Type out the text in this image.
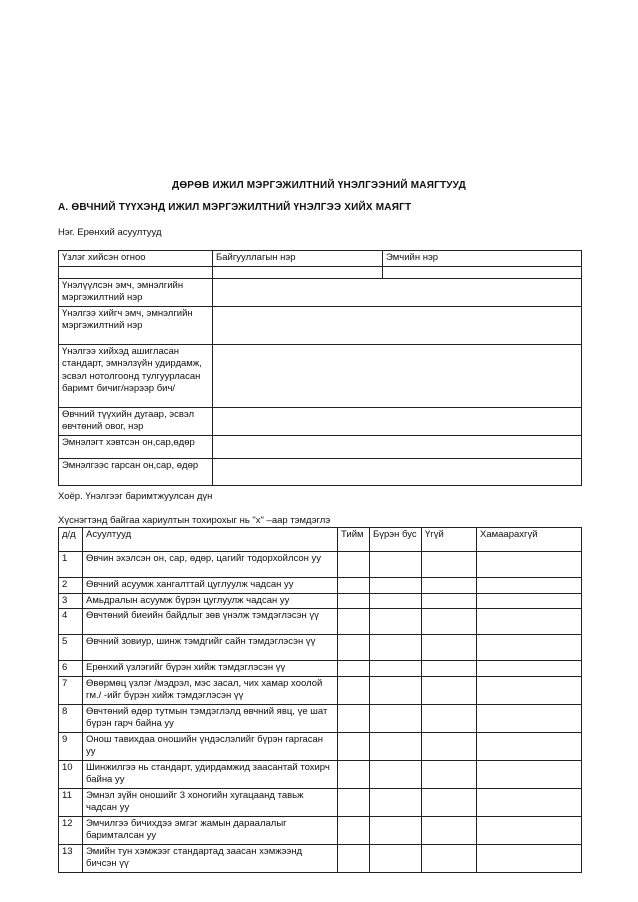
ДӨРӨВ ИЖИЛ МЭРГЭЖИЛТНИЙ ҮНЭЛГЭЭНИЙ МАЯГТУУД
А. ӨВЧНИЙ ТҮҮХЭНД ИЖИЛ МЭРГЭЖИЛТНИЙ ҮНЭЛГЭЭ ХИЙХ МАЯГТ
Нэг. Ерөнхий асуултууд
Үзлэг хийсэн огноо	Байгууллагын нэр	Эмчийн нэр

Үнэлүүлсэн эмч, эмнэлгийн мэргэжилтний нэр		
Үнэлгээ хийгч эмч, эмнэлгийн мэргэжилтний нэр		
Үнэлгээ хийхэд ашигласан стандарт, эмнэлзүйн удирдамж, эсвэл нотолгоонд тулгуурласан баримт бичиг/нэрээр бич/		
Өвчний түүхийн дугаар, эсвэл өвчтөний овог, нэр		
Эмнэлэгт хэвтсэн он,сар,өдөр		
Эмнэлгээс гарсан он,сар, өдөр		
Хоёр. Үнэлгээг баримтжуулсан дүн
Хүснэгтэнд байгаа хариултын тохирохыг нь "х" –аар тэмдэглэ
д/д	Асуултууд	Тийм	Бүрэн бус	Үгүй	Хамаарахгүй
1	Өвчин эхэлсэн он, сар, өдөр, цагийг тодорхойлсон уу				
2	Өвчний асуумж хангалттай цуглуулж чадсан уу				
3	Амьдралын асуумж бүрэн цуглуулж чадсан уу				
4	Өвчтөний биеийн байдлыг зөв үнэлж тэмдэглэсэн үү				
5	Өвчний зовиур, шинж тэмдгийг сайн тэмдэглэсэн үү				
6	Ерөнхий үзлэгийг бүрэн хийж тэмдэглэсэн үү				
7	Өвөрмөц үзлэг /мэдрэл, мэс засал, чих хамар хоолой гм./ -ийг бүрэн хийж тэмдэглэсэн үү				
8	Өвчтөний өдөр тутмын тэмдэглэлд өвчний явц, үе шат бүрэн гарч байна уу				
9	Онош тавихдаа оношийн үндэслэлийг бүрэн гаргасан уу				
10	Шинжилгээ нь стандарт, удирдамжид заасантай тохирч байна уу				
11	Эмнэл зүйн оношийг 3 хоногийн хугацаанд тавьж чадсан уу				
12	Эмчилгээ бичихдээ эмгэг жамын дараалалыг баримталсан уу				
13	Эмийн тун хэмжээг стандартад заасан хэмжээнд бичсэн үү				
